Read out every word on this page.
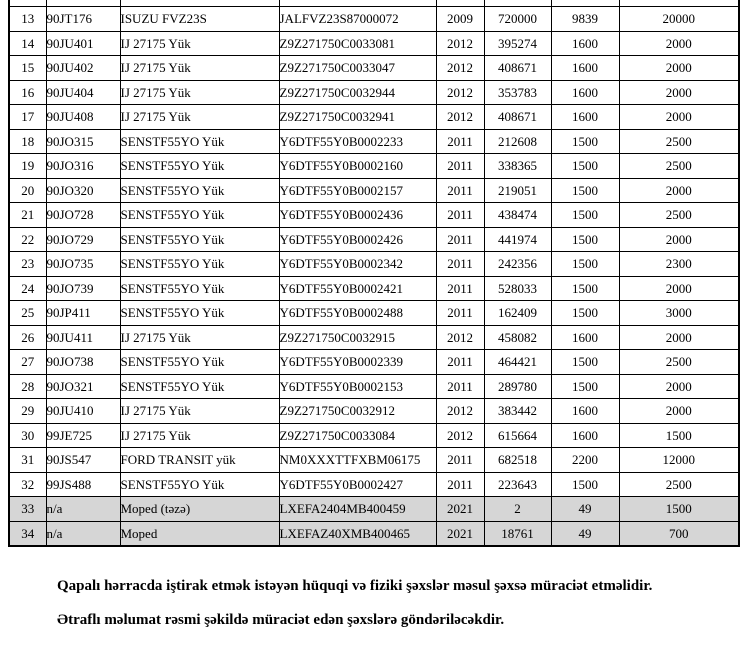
13	90JT176	ISUZU FVZ23S	JALFVZ23S87000072	2009	720000	9839	20000
14	90JU401	IJ 27175 Yük	Z9Z271750C0033081	2012	395274	1600	2000
15	90JU402	IJ 27175 Yük	Z9Z271750C0033047	2012	408671	1600	2000
16	90JU404	IJ 27175 Yük	Z9Z271750C0032944	2012	353783	1600	2000
17	90JU408	IJ 27175 Yük	Z9Z271750C0032941	2012	408671	1600	2000
18	90JO315	SENSTF55YO Yük	Y6DTF55Y0B0002233	2011	212608	1500	2500
19	90JO316	SENSTF55YO Yük	Y6DTF55Y0B0002160	2011	338365	1500	2500
20	90JO320	SENSTF55YO Yük	Y6DTF55Y0B0002157	2011	219051	1500	2000
21	90JO728	SENSTF55YO Yük	Y6DTF55Y0B0002436	2011	438474	1500	2500
22	90JO729	SENSTF55YO Yük	Y6DTF55Y0B0002426	2011	441974	1500	2000
23	90JO735	SENSTF55YO Yük	Y6DTF55Y0B0002342	2011	242356	1500	2300
24	90JO739	SENSTF55YO Yük	Y6DTF55Y0B0002421	2011	528033	1500	2000
25	90JP411	SENSTF55YO Yük	Y6DTF55Y0B0002488	2011	162409	1500	3000
26	90JU411	IJ 27175 Yük	Z9Z271750C0032915	2012	458082	1600	2000
27	90JO738	SENSTF55YO Yük	Y6DTF55Y0B0002339	2011	464421	1500	2500
28	90JO321	SENSTF55YO Yük	Y6DTF55Y0B0002153	2011	289780	1500	2000
29	90JU410	IJ 27175 Yük	Z9Z271750C0032912	2012	383442	1600	2000
30	99JE725	IJ 27175 Yük	Z9Z271750C0033084	2012	615664	1600	1500
31	90JS547	FORD TRANSIT yük	NM0XXXTTFXBM06175	2011	682518	2200	12000
32	99JS488	SENSTF55YO Yük	Y6DTF55Y0B0002427	2011	223643	1500	2500
33	n/a	Moped (təzə)	LXEFA2404MB400459	2021	2	49	1500
34	n/a	Moped	LXEFAZ40XMB400465	2021	18761	49	700

Qapalı hərracda iştirak etmək istəyən hüquqi və fiziki şəxslər məsul şəxsə müraciət etməlidir.

Ətraflı məlumat rəsmi şəkildə müraciət edən şəxslərə göndəriləcəkdir.
